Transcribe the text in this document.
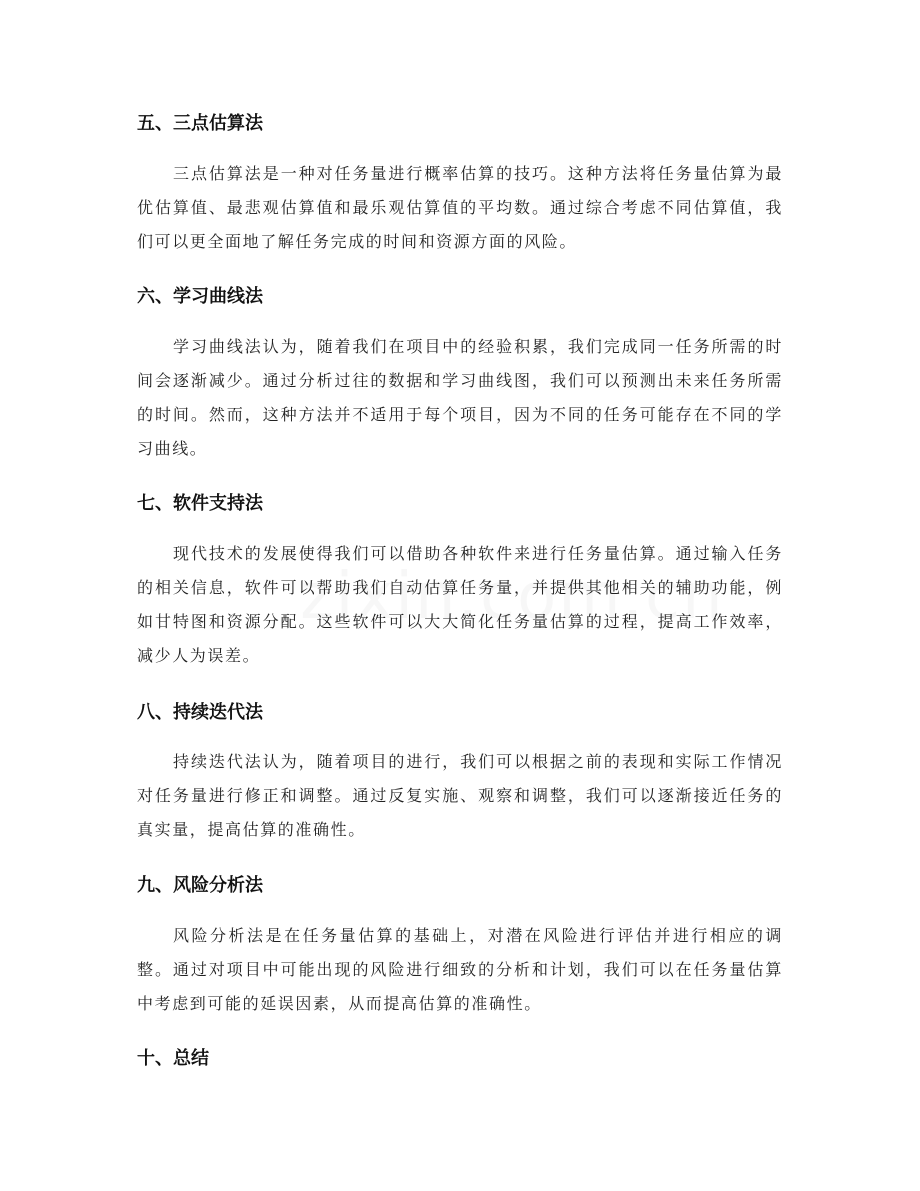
五、三点估算法

三点估算法是一种对任务量进行概率估算的技巧。这种方法将任务量估算为最优估算值、最悲观估算值和最乐观估算值的平均数。通过综合考虑不同估算值，我们可以更全面地了解任务完成的时间和资源方面的风险。

六、学习曲线法

学习曲线法认为，随着我们在项目中的经验积累，我们完成同一任务所需的时间会逐渐减少。通过分析过往的数据和学习曲线图，我们可以预测出未来任务所需的时间。然而，这种方法并不适用于每个项目，因为不同的任务可能存在不同的学习曲线。

七、软件支持法

现代技术的发展使得我们可以借助各种软件来进行任务量估算。通过输入任务的相关信息，软件可以帮助我们自动估算任务量，并提供其他相关的辅助功能，例如甘特图和资源分配。这些软件可以大大简化任务量估算的过程，提高工作效率，减少人为误差。

八、持续迭代法

持续迭代法认为，随着项目的进行，我们可以根据之前的表现和实际工作情况对任务量进行修正和调整。通过反复实施、观察和调整，我们可以逐渐接近任务的真实量，提高估算的准确性。

九、风险分析法

风险分析法是在任务量估算的基础上，对潜在风险进行评估并进行相应的调整。通过对项目中可能出现的风险进行细致的分析和计划，我们可以在任务量估算中考虑到可能的延误因素，从而提高估算的准确性。

十、总结
